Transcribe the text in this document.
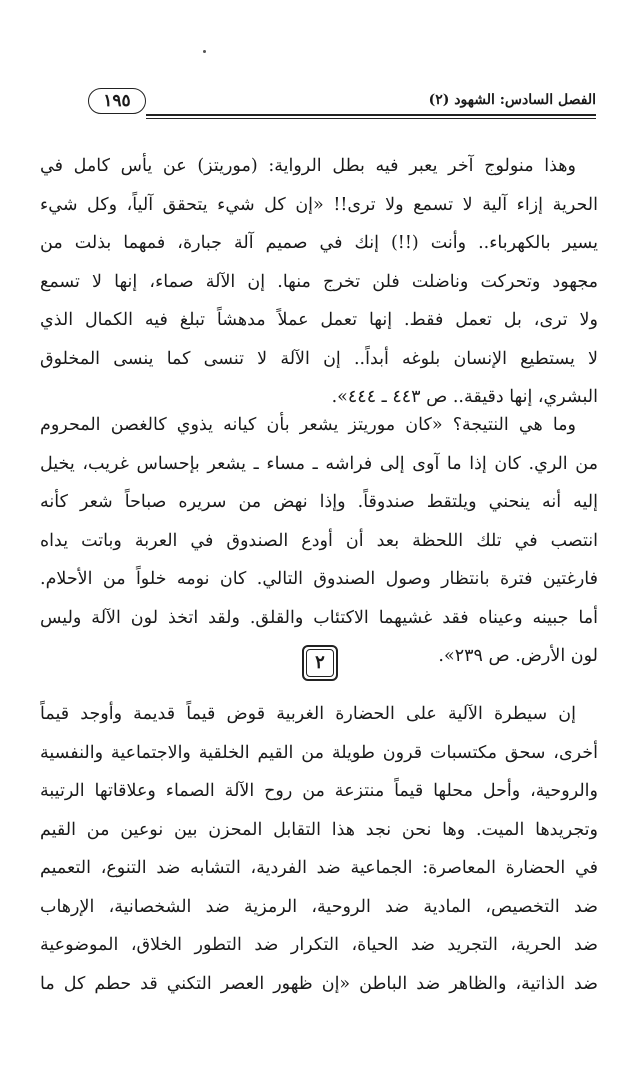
١٩٥	الفصل السادس: الشهود (٢)
وهذا منولوج آخر يعبر فيه بطل الرواية: (موريتز) عن يأس كامل في
الحرية إزاء آلية لا تسمع ولا ترى!! «إن كل شيء يتحقق آلياً، وكل شيء
يسير بالكهرباء.. وأنت (!!) إنك في صميم آلة جبارة، فمهما بذلت من
مجهود وتحركت وناضلت فلن تخرج منها. إن الآلة صماء، إنها لا تسمع
ولا ترى، بل تعمل فقط. إنها تعمل عملاً مدهشاً تبلغ فيه الكمال الذي
لا يستطيع الإنسان بلوغه أبداً.. إن الآلة لا تنسى كما ينسى المخلوق
البشري، إنها دقيقة.. ص ٤٤٣ ـ ٤٤٤».
وما هي النتيجة؟ «كان موريتز يشعر بأن كيانه يذوي كالغصن المحروم
من الري. كان إذا ما آوى إلى فراشه ـ مساء ـ يشعر بإحساس غريب، يخيل
إليه أنه ينحني ويلتقط صندوقاً. وإذا نهض من سريره صباحاً شعر كأنه
انتصب في تلك اللحظة بعد أن أودع الصندوق في العربة وباتت يداه
فارغتين فترة بانتظار وصول الصندوق التالي. كان نومه خلواً من الأحلام.
أما جبينه وعيناه فقد غشيهما الاكتئاب والقلق. ولقد اتخذ لون الآلة وليس
لون الأرض. ص ٢٣٩».
٢
إن سيطرة الآلية على الحضارة الغربية قوض قيماً قديمة وأوجد قيماً
أخرى، سحق مكتسبات قرون طويلة من القيم الخلقية والاجتماعية والنفسية
والروحية، وأحل محلها قيماً منتزعة من روح الآلة الصماء وعلاقاتها الرتيبة
وتجريدها الميت. وها نحن نجد هذا التقابل المحزن بين نوعين من القيم
في الحضارة المعاصرة: الجماعية ضد الفردية، التشابه ضد التنوع، التعميم
ضد التخصيص، المادية ضد الروحية، الرمزية ضد الشخصانية، الإرهاب
ضد الحرية، التجريد ضد الحياة، التكرار ضد التطور الخلاق، الموضوعية
ضد الذاتية، والظاهر ضد الباطن «إن ظهور العصر التكني قد حطم كل ما
